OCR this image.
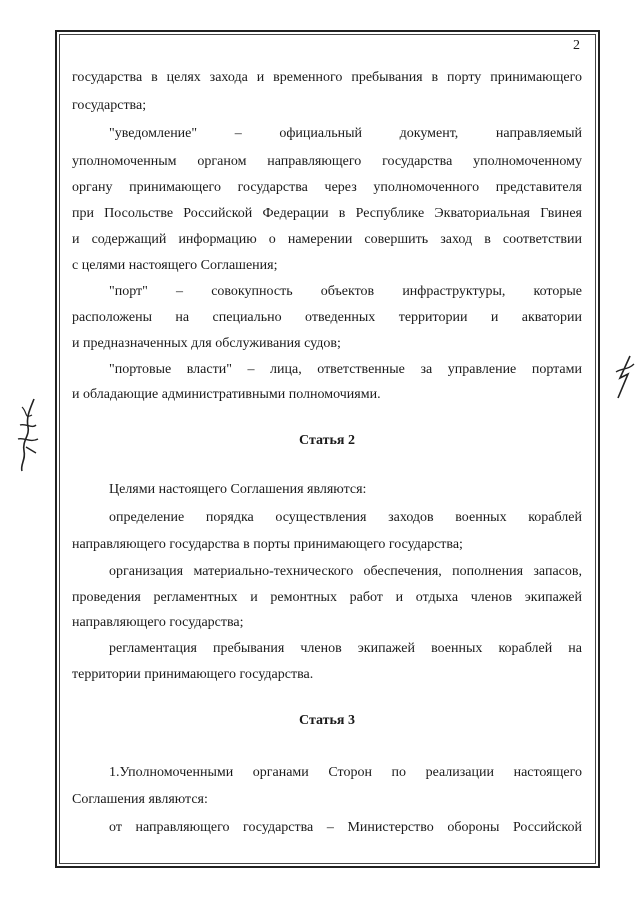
2
государства в целях захода и временного пребывания в порту принимающего
государства;
"уведомление" – официальный документ, направляемый
уполномоченным органом направляющего государства уполномоченному
органу принимающего государства через уполномоченного представителя
при Посольстве Российской Федерации в Республике Экваториальная Гвинея
и содержащий информацию о намерении совершить заход в соответствии
с целями настоящего Соглашения;
"порт" – совокупность объектов инфраструктуры, которые
расположены на специально отведенных территории и акватории
и предназначенных для обслуживания судов;
"портовые власти" – лица, ответственные за управление портами
и обладающие административными полномочиями.
Статья 2
Целями настоящего Соглашения являются:
определение порядка осуществления заходов военных кораблей
направляющего государства в порты принимающего государства;
организация материально-технического обеспечения, пополнения запасов,
проведения регламентных и ремонтных работ и отдыха членов экипажей
направляющего государства;
регламентация пребывания членов экипажей военных кораблей на
территории принимающего государства.
Статья 3
1.Уполномоченными органами Сторон по реализации настоящего
Соглашения являются:
от направляющего государства – Министерство обороны Российской
